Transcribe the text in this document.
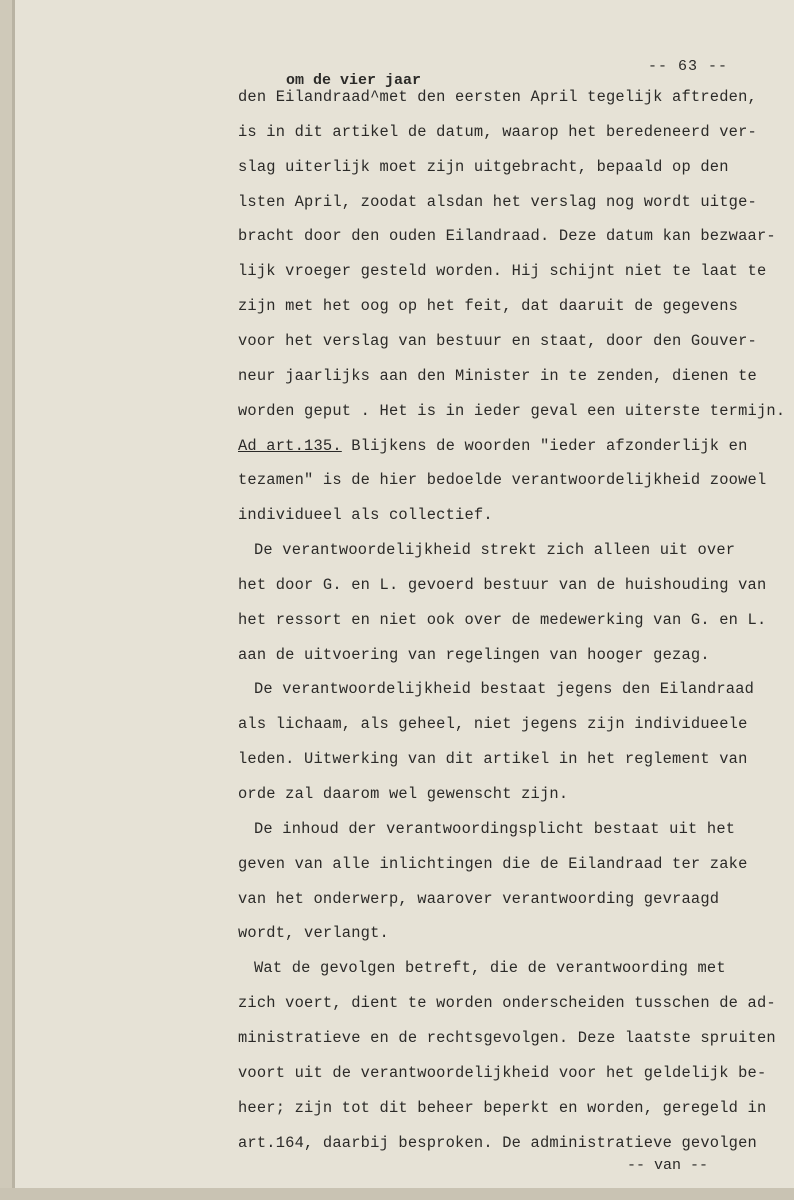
-- 63 --
om de vier jaar
den Eilandraad^met den eersten April tegelijk aftreden,
is in dit artikel de datum, waarop het beredeneerd ver-
slag uiterlijk moet zijn uitgebracht, bepaald op den
lsten April, zoodat alsdan het verslag nog wordt uitge-
bracht door den ouden Eilandraad. Deze datum kan bezwaar-
lijk vroeger gesteld worden. Hij schijnt niet te laat te
zijn met het oog op het feit, dat daaruit de gegevens
voor het verslag van bestuur en staat, door den Gouver-
neur jaarlijks aan den Minister in te zenden, dienen te
worden geput . Het is in ieder geval een uiterste termijn.
Ad art.135. Blijkens de woorden "ieder afzonderlijk en
tezamen" is de hier bedoelde verantwoordelijkheid zoowel
individueel als collectief.
De verantwoordelijkheid strekt zich alleen uit over
het door G. en L. gevoerd bestuur van de huishouding van
het ressort en niet ook over de medewerking van G. en L.
aan de uitvoering van regelingen van hooger gezag.
De verantwoordelijkheid bestaat jegens den Eilandraad
als lichaam, als geheel, niet jegens zijn individueele
leden. Uitwerking van dit artikel in het reglement van
orde zal daarom wel gewenscht zijn.
De inhoud der verantwoordingsplicht bestaat uit het
geven van alle inlichtingen die de Eilandraad ter zake
van het onderwerp, waarover verantwoording gevraagd
wordt, verlangt.
Wat de gevolgen betreft, die de verantwoording met
zich voert, dient te worden onderscheiden tusschen de ad-
ministratieve en de rechtsgevolgen. Deze laatste spruiten
voort uit de verantwoordelijkheid voor het geldelijk be-
heer; zijn tot dit beheer beperkt en worden, geregeld in
art.164, daarbij besproken. De administratieve gevolgen
-- van --
